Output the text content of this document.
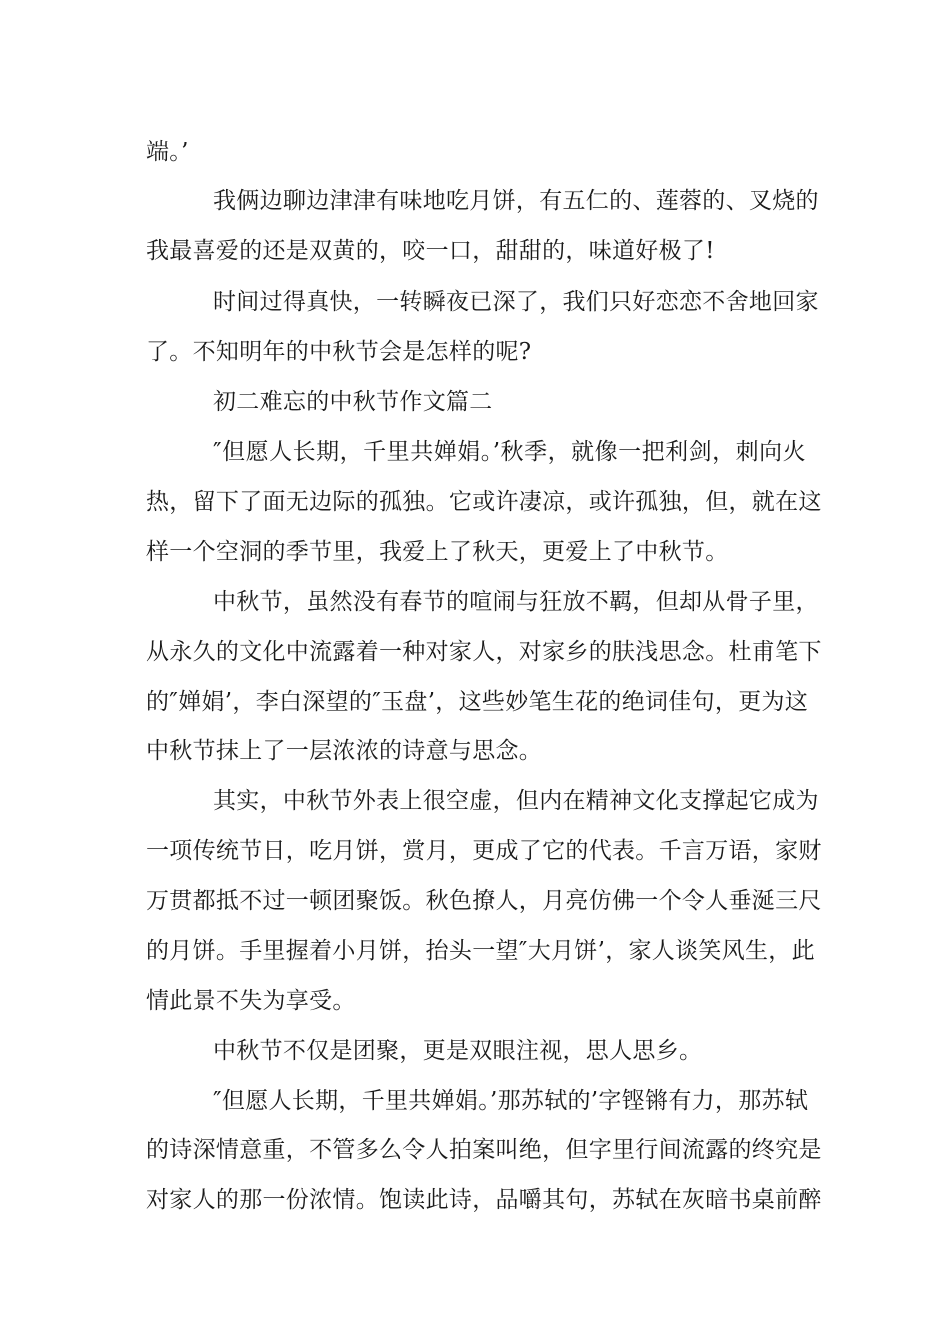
端。’
我俩边聊边津津有味地吃月饼，有五仁的、莲蓉的、叉烧的
我最喜爱的还是双黄的，咬一口，甜甜的，味道好极了!
时间过得真快，一转瞬夜已深了，我们只好恋恋不舍地回家
了。不知明年的中秋节会是怎样的呢?
初二难忘的中秋节作文篇二
″但愿人长期，千里共婵娟。’秋季，就像一把利剑，刺向火
热，留下了面无边际的孤独。它或许凄凉，或许孤独，但，就在这
样一个空洞的季节里，我爱上了秋天，更爱上了中秋节。
中秋节，虽然没有春节的喧闹与狂放不羁，但却从骨子里，
从永久的文化中流露着一种对家人，对家乡的肤浅思念。杜甫笔下
的″婵娟’，李白深望的″玉盘’，这些妙笔生花的绝词佳句，更为这
中秋节抹上了一层浓浓的诗意与思念。
其实，中秋节外表上很空虚，但内在精神文化支撑起它成为
一项传统节日，吃月饼，赏月，更成了它的代表。千言万语，家财
万贯都抵不过一顿团聚饭。秋色撩人，月亮仿佛一个令人垂涎三尺
的月饼。手里握着小月饼，抬头一望″大月饼’，家人谈笑风生，此
情此景不失为享受。
中秋节不仅是团聚，更是双眼注视，思人思乡。
″但愿人长期，千里共婵娟。’那苏轼的’字铿锵有力，那苏轼
的诗深情意重，不管多么令人拍案叫绝，但字里行间流露的终究是
对家人的那一份浓情。饱读此诗，品嚼其句，苏轼在灰暗书桌前醉
